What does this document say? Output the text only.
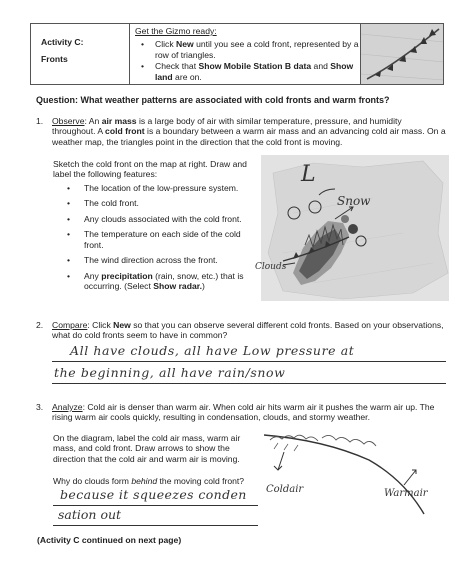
Activity C:
Fronts
Get the Gizmo ready:
• Click New until you see a cold front, represented by a row of triangles.
• Check that Show Mobile Station B data and Show land are on.
Question: What weather patterns are associated with cold fronts and warm fronts?
1. Observe: An air mass is a large body of air with similar temperature, pressure, and humidity throughout. A cold front is a boundary between a warm air mass and an advancing cold air mass. On a weather map, the triangles point in the direction that the cold front is moving.
Sketch the cold front on the map at right. Draw and label the following features:
• The location of the low-pressure system.
• The cold front.
• Any clouds associated with the cold front.
• The temperature on each side of the cold front.
• The wind direction across the front.
• Any precipitation (rain, snow, etc.) that is occurring. (Select Show radar.)
L
Snow
Clouds
2. Compare: Click New so that you can observe several different cold fronts. Based on your observations, what do cold fronts seem to have in common?
All have clouds, all have Low pressure at
the beginning, all have rain/snow
3. Analyze: Cold air is denser than warm air. When cold air hits warm air it pushes the warm air up. The rising warm air cools quickly, resulting in condensation, clouds, and stormy weather.
On the diagram, label the cold air mass, warm air mass, and cold front. Draw arrows to show the direction that the cold air and warm air is moving.
Why do clouds form behind the moving cold front?
because it squeezes conden
sation out
Coldair	Warmair
(Activity C continued on next page)
